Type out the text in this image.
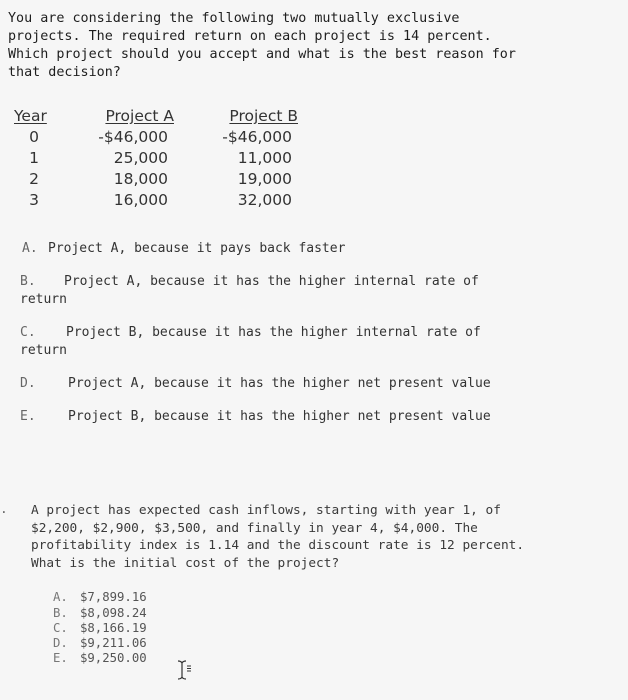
You are considering the following two mutually exclusive
projects. The required return on each project is 14 percent.
Which project should you accept and what is the best reason for
that decision?
Year	Project A	Project B
0	-$46,000	-$46,000
1	25,000	11,000
2	18,000	19,000
3	16,000	32,000
A. Project A, because it pays back faster
B. Project A, because it has the higher internal rate of
return
C. Project B, because it has the higher internal rate of
return
D. Project A, because it has the higher net present value
E. Project B, because it has the higher net present value
. A project has expected cash inflows, starting with year 1, of
$2,200, $2,900, $3,500, and finally in year 4, $4,000. The
profitability index is 1.14 and the discount rate is 12 percent.
What is the initial cost of the project?
A. $7,899.16
B. $8,098.24
C. $8,166.19
D. $9,211.06
E. $9,250.00
